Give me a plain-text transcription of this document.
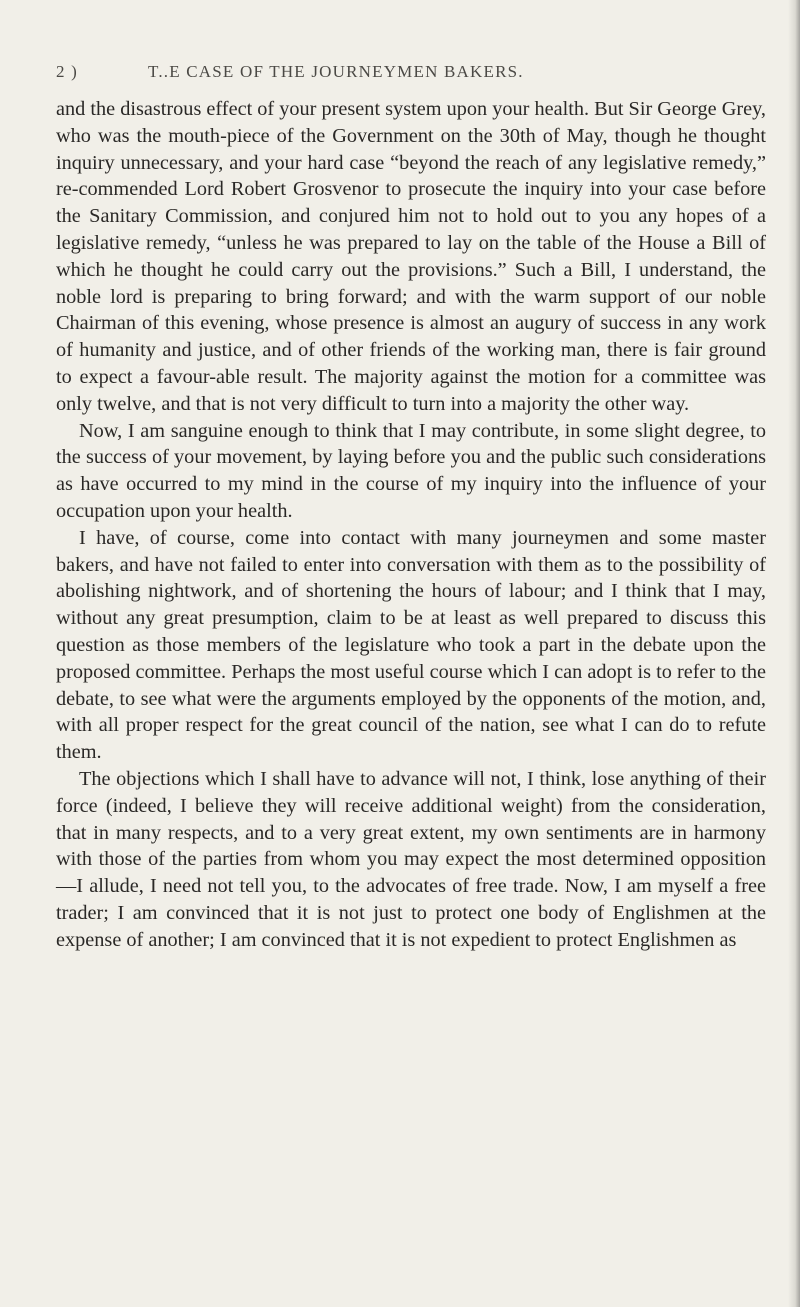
2 )	T..E CASE OF THE JOURNEYMEN BAKERS.

and the disastrous effect of your present system upon your health. But Sir George Grey, who was the mouth-piece of the Government on the 30th of May, though he thought inquiry unnecessary, and your hard case “beyond the reach of any legislative remedy,” re-commended Lord Robert Grosvenor to prosecute the inquiry into your case before the Sanitary Commission, and conjured him not to hold out to you any hopes of a legislative remedy, “unless he was prepared to lay on the table of the House a Bill of which he thought he could carry out the provisions.” Such a Bill, I understand, the noble lord is preparing to bring forward; and with the warm support of our noble Chairman of this evening, whose presence is almost an augury of success in any work of humanity and justice, and of other friends of the working man, there is fair ground to expect a favour-able result. The majority against the motion for a committee was only twelve, and that is not very difficult to turn into a majority the other way.

Now, I am sanguine enough to think that I may contribute, in some slight degree, to the success of your movement, by laying before you and the public such considerations as have occurred to my mind in the course of my inquiry into the influence of your occupation upon your health.

I have, of course, come into contact with many journeymen and some master bakers, and have not failed to enter into conversation with them as to the possibility of abolishing nightwork, and of shortening the hours of labour; and I think that I may, without any great presumption, claim to be at least as well prepared to discuss this question as those members of the legislature who took a part in the debate upon the proposed committee. Perhaps the most useful course which I can adopt is to refer to the debate, to see what were the arguments employed by the opponents of the motion, and, with all proper respect for the great council of the nation, see what I can do to refute them.

The objections which I shall have to advance will not, I think, lose anything of their force (indeed, I believe they will receive additional weight) from the consideration, that in many respects, and to a very great extent, my own sentiments are in harmony with those of the parties from whom you may expect the most determined opposition—I allude, I need not tell you, to the advocates of free trade. Now, I am myself a free trader; I am convinced that it is not just to protect one body of Englishmen at the expense of another; I am convinced that it is not expedient to protect Englishmen as
